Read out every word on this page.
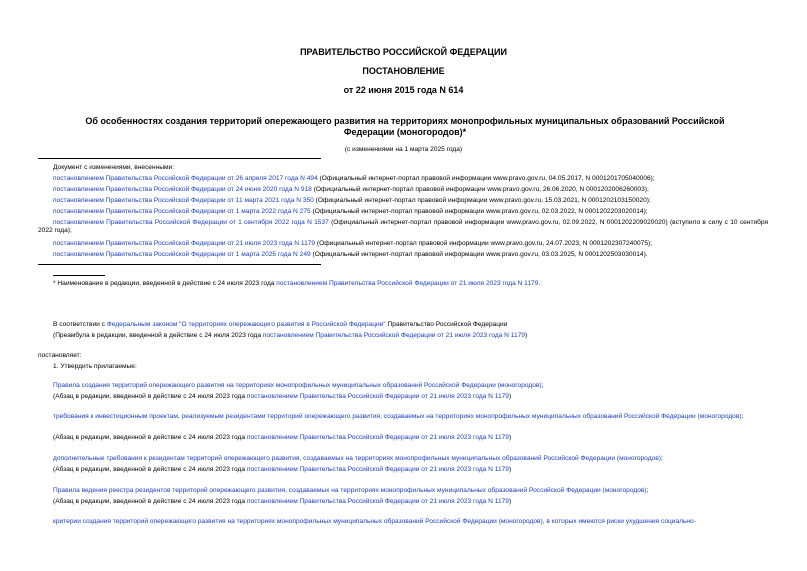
ПРАВИТЕЛЬСТВО РОССИЙСКОЙ ФЕДЕРАЦИИ
ПОСТАНОВЛЕНИЕ
от 22 июня 2015 года N 614
Об особенностях создания территорий опережающего развития на территориях монопрофильных муниципальных образований Российской Федерации (моногородов)*
(с изменениями на 1 марта 2025 года)
Документ с изменениями, внесенными:
постановлением Правительства Российской Федерации от 26 апреля 2017 года N 494 (Официальный интернет-портал правовой информации www.pravo.gov.ru, 04.05.2017, N 0001201705040006);
постановлением Правительства Российской Федерации от 24 июня 2020 года N 918 (Официальный интернет-портал правовой информации www.pravo.gov.ru, 26.06.2020, N 0001202006260003);
постановлением Правительства Российской Федерации от 11 марта 2021 года N 350 (Официальный интернет-портал правовой информации www.pravo.gov.ru, 15.03.2021, N 0001202103150020);
постановлением Правительства Российской Федерации от 1 марта 2022 года N 275 (Официальный интернет-портал правовой информации www.pravo.gov.ru, 02.03.2022, N 0001202203020014);
постановлением Правительства Российской Федерации от 1 сентября 2022 года N 1537 (Официальный интернет-портал правовой информации www.pravo.gov.ru, 02.09.2022, N 0001202209020020) (вступило в силу с 10 сентября 2022 года);
постановлением Правительства Российской Федерации от 21 июля 2023 года N 1179 (Официальный интернет-портал правовой информации www.pravo.gov.ru, 24.07.2023, N 0001202307240075);
постановлением Правительства Российской Федерации от 1 марта 2025 года N 249 (Официальный интернет-портал правовой информации www.pravo.gov.ru, 03.03.2025, N 0001202503030014).
* Наименование в редакции, введенной в действие с 24 июля 2023 года постановлением Правительства Российской Федерации от 21 июля 2023 года N 1179.
В соответствии с Федеральным законом "О территориях опережающего развития в Российской Федерации" Правительство Российской Федерации
(Преамбула в редакции, введенной в действие с 24 июля 2023 года постановлением Правительства Российской Федерации от 21 июля 2023 года N 1179)
постановляет:
1. Утвердить прилагаемые:
Правила создания территорий опережающего развития на территориях монопрофильных муниципальных образований Российской Федерации (моногородов);
(Абзац в редакции, введенной в действие с 24 июля 2023 года постановлением Правительства Российской Федерации от 21 июля 2023 года N 1179)
требования к инвестиционным проектам, реализуемым резидентами территорий опережающего развития, создаваемых на территориях монопрофильных муниципальных образований Российской Федерации (моногородов);
(Абзац в редакции, введенной в действие с 24 июля 2023 года постановлением Правительства Российской Федерации от 21 июля 2023 года N 1179)
дополнительные требования к резидентам территорий опережающего развития, создаваемых на территориях монопрофильных муниципальных образований Российской Федерации (моногородов);
(Абзац в редакции, введенной в действие с 24 июля 2023 года постановлением Правительства Российской Федерации от 21 июля 2023 года N 1179)
Правила ведения реестра резидентов территорий опережающего развития, создаваемых на территориях монопрофильных муниципальных образований Российской Федерации (моногородов);
(Абзац в редакции, введенной в действие с 24 июля 2023 года постановлением Правительства Российской Федерации от 21 июля 2023 года N 1179)
критерии создания территорий опережающего развития на территориях монопрофильных муниципальных образований Российской Федерации (моногородов), в которых имеются риски ухудшения социально-
